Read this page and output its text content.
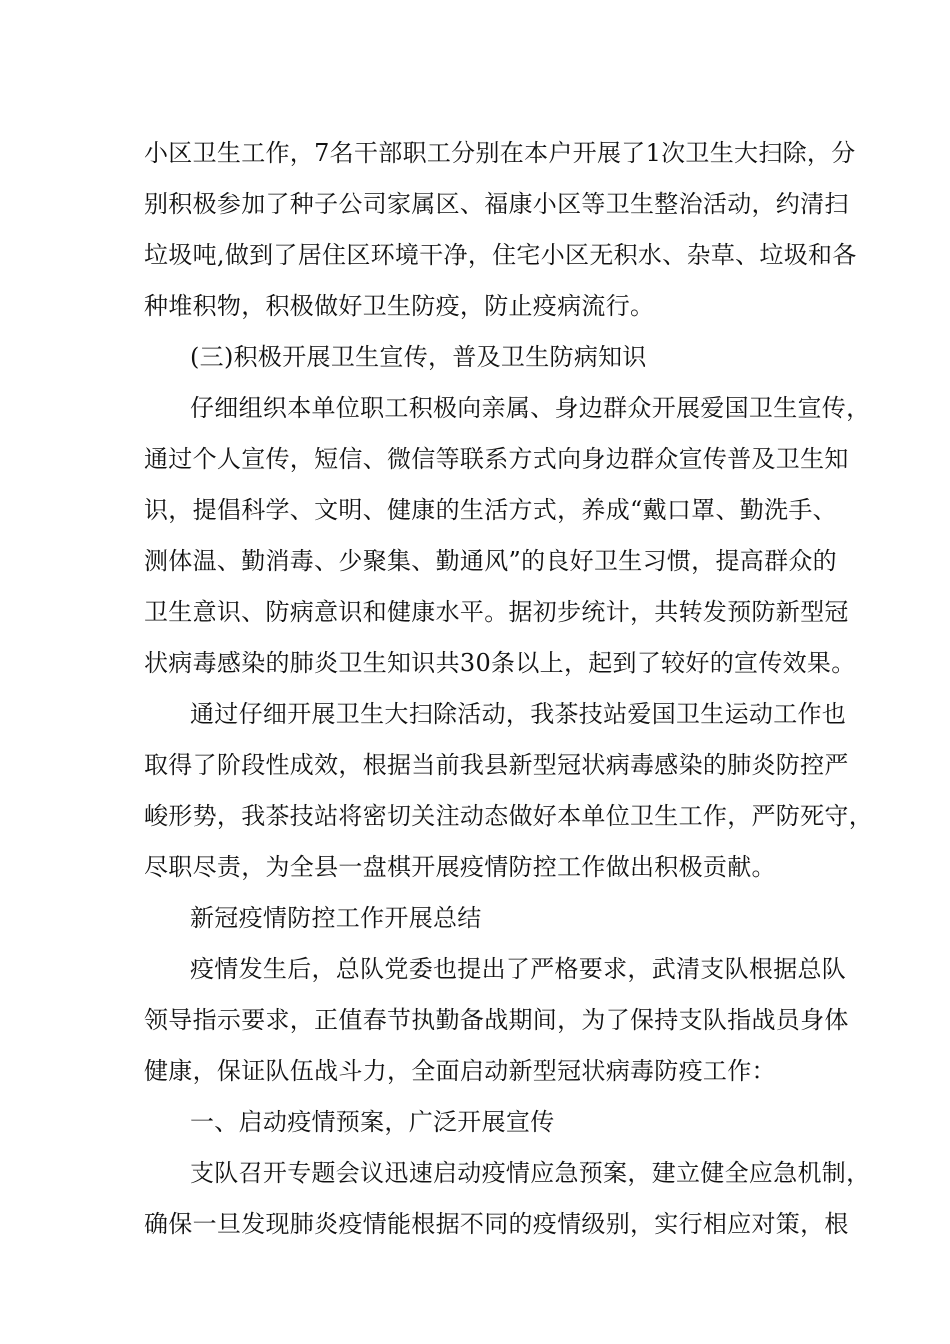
小区卫生工作，7名干部职工分别在本户开展了1次卫生大扫除，分
别积极参加了种子公司家属区、福康小区等卫生整治活动，约清扫
垃圾吨,做到了居住区环境干净，住宅小区无积水、杂草、垃圾和各
种堆积物，积极做好卫生防疫，防止疫病流行。
(三)积极开展卫生宣传，普及卫生防病知识
仔细组织本单位职工积极向亲属、身边群众开展爱国卫生宣传，
通过个人宣传，短信、微信等联系方式向身边群众宣传普及卫生知
识，提倡科学、文明、健康的生活方式，养成“戴口罩、勤洗手、
测体温、勤消毒、少聚集、勤通风”的良好卫生习惯，提高群众的
卫生意识、防病意识和健康水平。据初步统计，共转发预防新型冠
状病毒感染的肺炎卫生知识共30条以上，起到了较好的宣传效果。
通过仔细开展卫生大扫除活动，我茶技站爱国卫生运动工作也
取得了阶段性成效，根据当前我县新型冠状病毒感染的肺炎防控严
峻形势，我茶技站将密切关注动态做好本单位卫生工作，严防死守，
尽职尽责，为全县一盘棋开展疫情防控工作做出积极贡献。
新冠疫情防控工作开展总结
疫情发生后，总队党委也提出了严格要求，武清支队根据总队
领导指示要求，正值春节执勤备战期间，为了保持支队指战员身体
健康，保证队伍战斗力，全面启动新型冠状病毒防疫工作：
一、启动疫情预案，广泛开展宣传
支队召开专题会议迅速启动疫情应急预案，建立健全应急机制，
确保一旦发现肺炎疫情能根据不同的疫情级别，实行相应对策，根
